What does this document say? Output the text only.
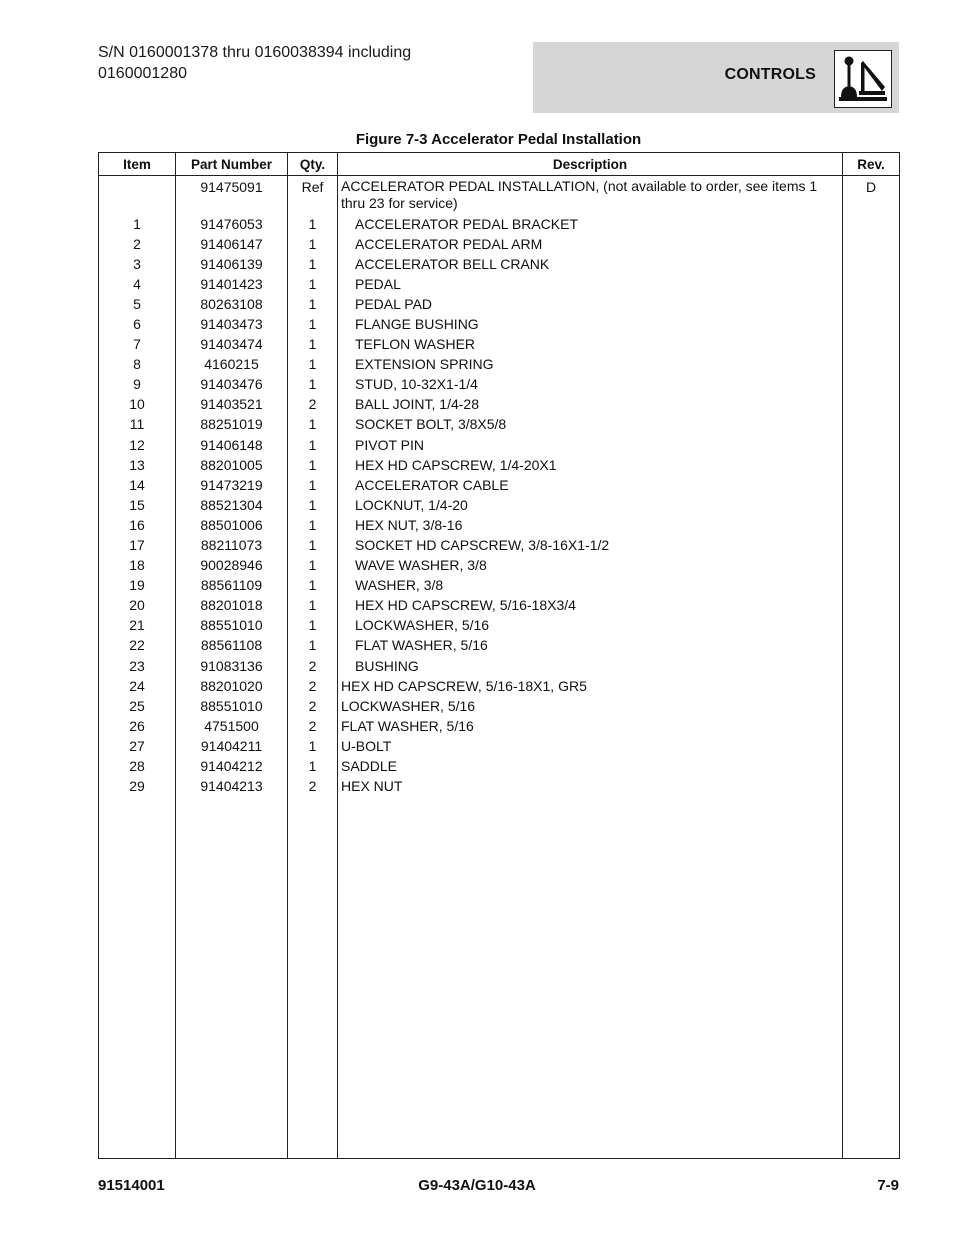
S/N 0160001378 thru 0160038394 including
0160001280	CONTROLS
Figure 7-3 Accelerator Pedal Installation
Item	Part Number	Qty.	Description	Rev.
	91475091	Ref	ACCELERATOR PEDAL INSTALLATION, (not available to order, see items 1 thru 23 for service)	D
1	91476053	1	ACCELERATOR PEDAL BRACKET	
2	91406147	1	ACCELERATOR PEDAL ARM	
3	91406139	1	ACCELERATOR BELL CRANK	
4	91401423	1	PEDAL	
5	80263108	1	PEDAL PAD	
6	91403473	1	FLANGE BUSHING	
7	91403474	1	TEFLON WASHER	
8	4160215	1	EXTENSION SPRING	
9	91403476	1	STUD, 10-32X1-1/4	
10	91403521	2	BALL JOINT, 1/4-28	
11	88251019	1	SOCKET BOLT, 3/8X5/8	
12	91406148	1	PIVOT PIN	
13	88201005	1	HEX HD CAPSCREW, 1/4-20X1	
14	91473219	1	ACCELERATOR CABLE	
15	88521304	1	LOCKNUT, 1/4-20	
16	88501006	1	HEX NUT, 3/8-16	
17	88211073	1	SOCKET HD CAPSCREW, 3/8-16X1-1/2	
18	90028946	1	WAVE WASHER, 3/8	
19	88561109	1	WASHER, 3/8	
20	88201018	1	HEX HD CAPSCREW, 5/16-18X3/4	
21	88551010	1	LOCKWASHER, 5/16	
22	88561108	1	FLAT WASHER, 5/16	
23	91083136	2	BUSHING	
24	88201020	2	HEX HD CAPSCREW, 5/16-18X1, GR5	
25	88551010	2	LOCKWASHER, 5/16	
26	4751500	2	FLAT WASHER, 5/16	
27	91404211	1	U-BOLT	
28	91404212	1	SADDLE	
29	91404213	2	HEX NUT	

91514001	G9-43A/G10-43A	7-9
